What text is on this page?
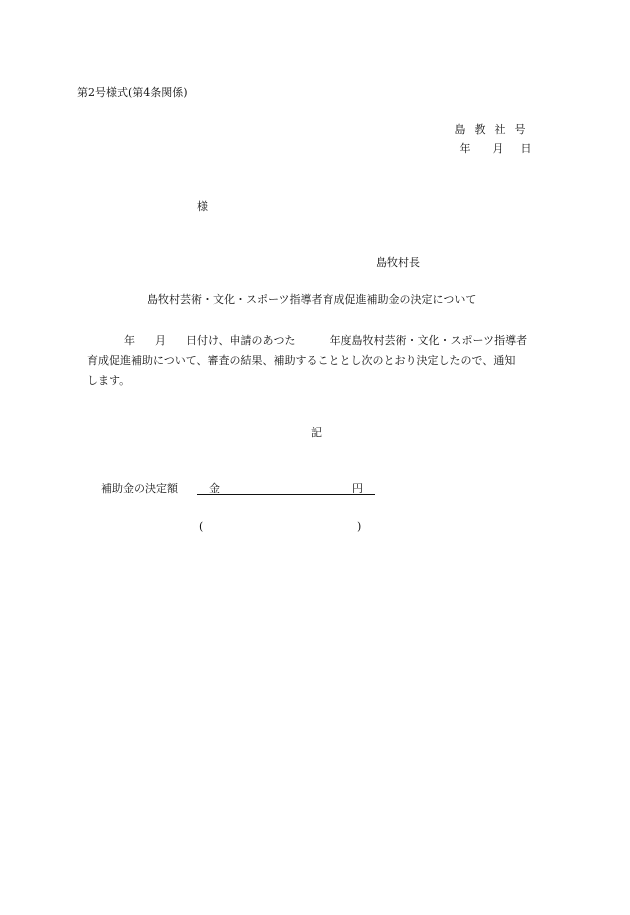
第2号様式(第4条関係)
島 教 社 号
年 月 日
様
島牧村長
島牧村芸術・文化・スポーツ指導者育成促進補助金の決定について
年 月 日付け、申請のあつた	年度島牧村芸術・文化・スポーツ指導者
育成促進補助について、審査の結果、補助することとし次のとおり決定したので、通知
します。
記
補助金の決定額	金	円
(	)
